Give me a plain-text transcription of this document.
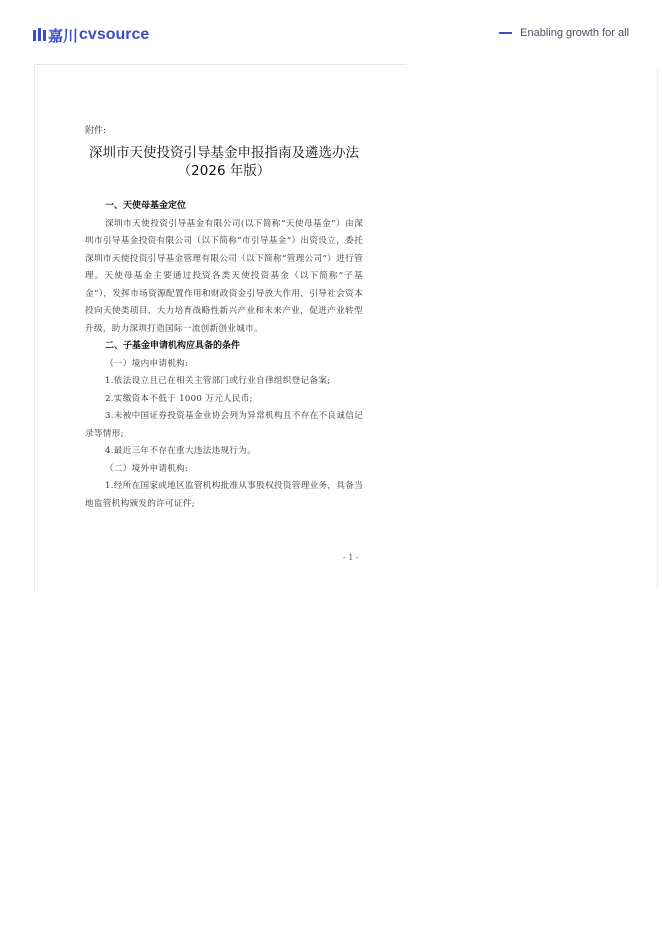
嘉川 cvsource	Enabling growth for all
附件:
深圳市天使投资引导基金申报指南及遴选办法
（2026 年版）
一、天使母基金定位
深圳市天使投资引导基金有限公司(以下简称“天使母基金”）由深圳市引导基金投资有限公司（以下简称“市引导基金”）出资设立，委托深圳市天使投资引导基金管理有限公司（以下简称“管理公司”）进行管理。天使母基金主要通过投资各类天使投资基金（以下简称“子基金”），发挥市场资源配置作用和财政资金引导放大作用，引导社会资本投向天使类项目，大力培育战略性新兴产业和未来产业，促进产业转型升级，助力深圳打造国际一流创新创业城市。
二、子基金申请机构应具备的条件
（一）境内申请机构:
1.依法设立且已在相关主管部门或行业自律组织登记备案;
2.实缴资本不低于 1000 万元人民币;
3.未被中国证券投资基金业协会列为异常机构且不存在不良诚信记录等情形;
4.最近三年不存在重大违法违规行为。
（二）境外申请机构:
1.经所在国家或地区监管机构批准从事股权投资管理业务，具备当地监管机构颁发的许可证件;
- 1 -
